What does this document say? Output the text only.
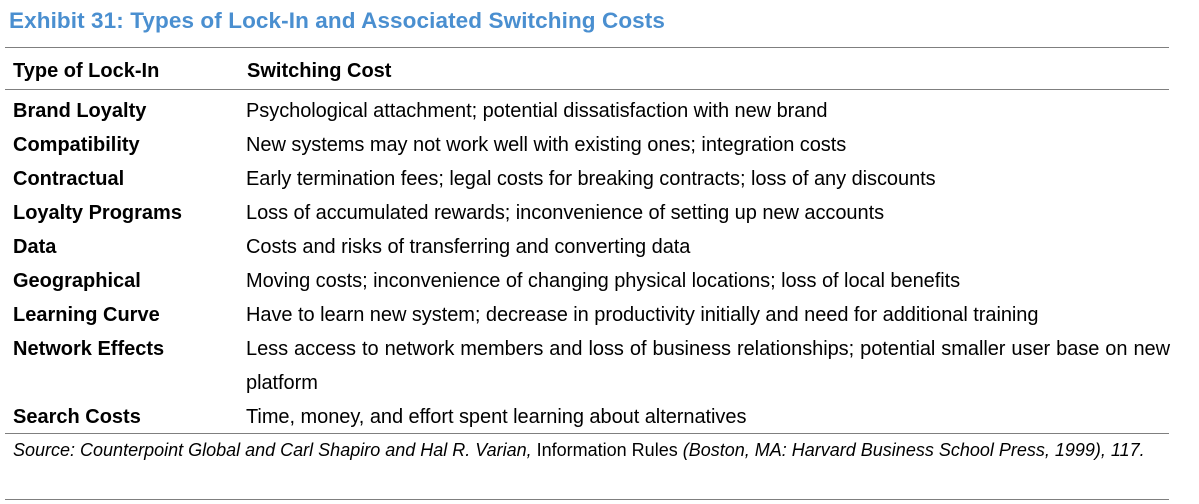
Exhibit 31: Types of Lock-In and Associated Switching Costs
Type of Lock-In	Switching Cost
Brand Loyalty	Psychological attachment; potential dissatisfaction with new brand
Compatibility	New systems may not work well with existing ones; integration costs
Contractual	Early termination fees; legal costs for breaking contracts; loss of any discounts
Loyalty Programs	Loss of accumulated rewards; inconvenience of setting up new accounts
Data	Costs and risks of transferring and converting data
Geographical	Moving costs; inconvenience of changing physical locations; loss of local benefits
Learning Curve	Have to learn new system; decrease in productivity initially and need for additional training
Network Effects	Less access to network members and loss of business relationships; potential smaller user base on new platform
Search Costs	Time, money, and effort spent learning about alternatives
Source: Counterpoint Global and Carl Shapiro and Hal R. Varian, Information Rules (Boston, MA: Harvard Business School Press, 1999), 117.
